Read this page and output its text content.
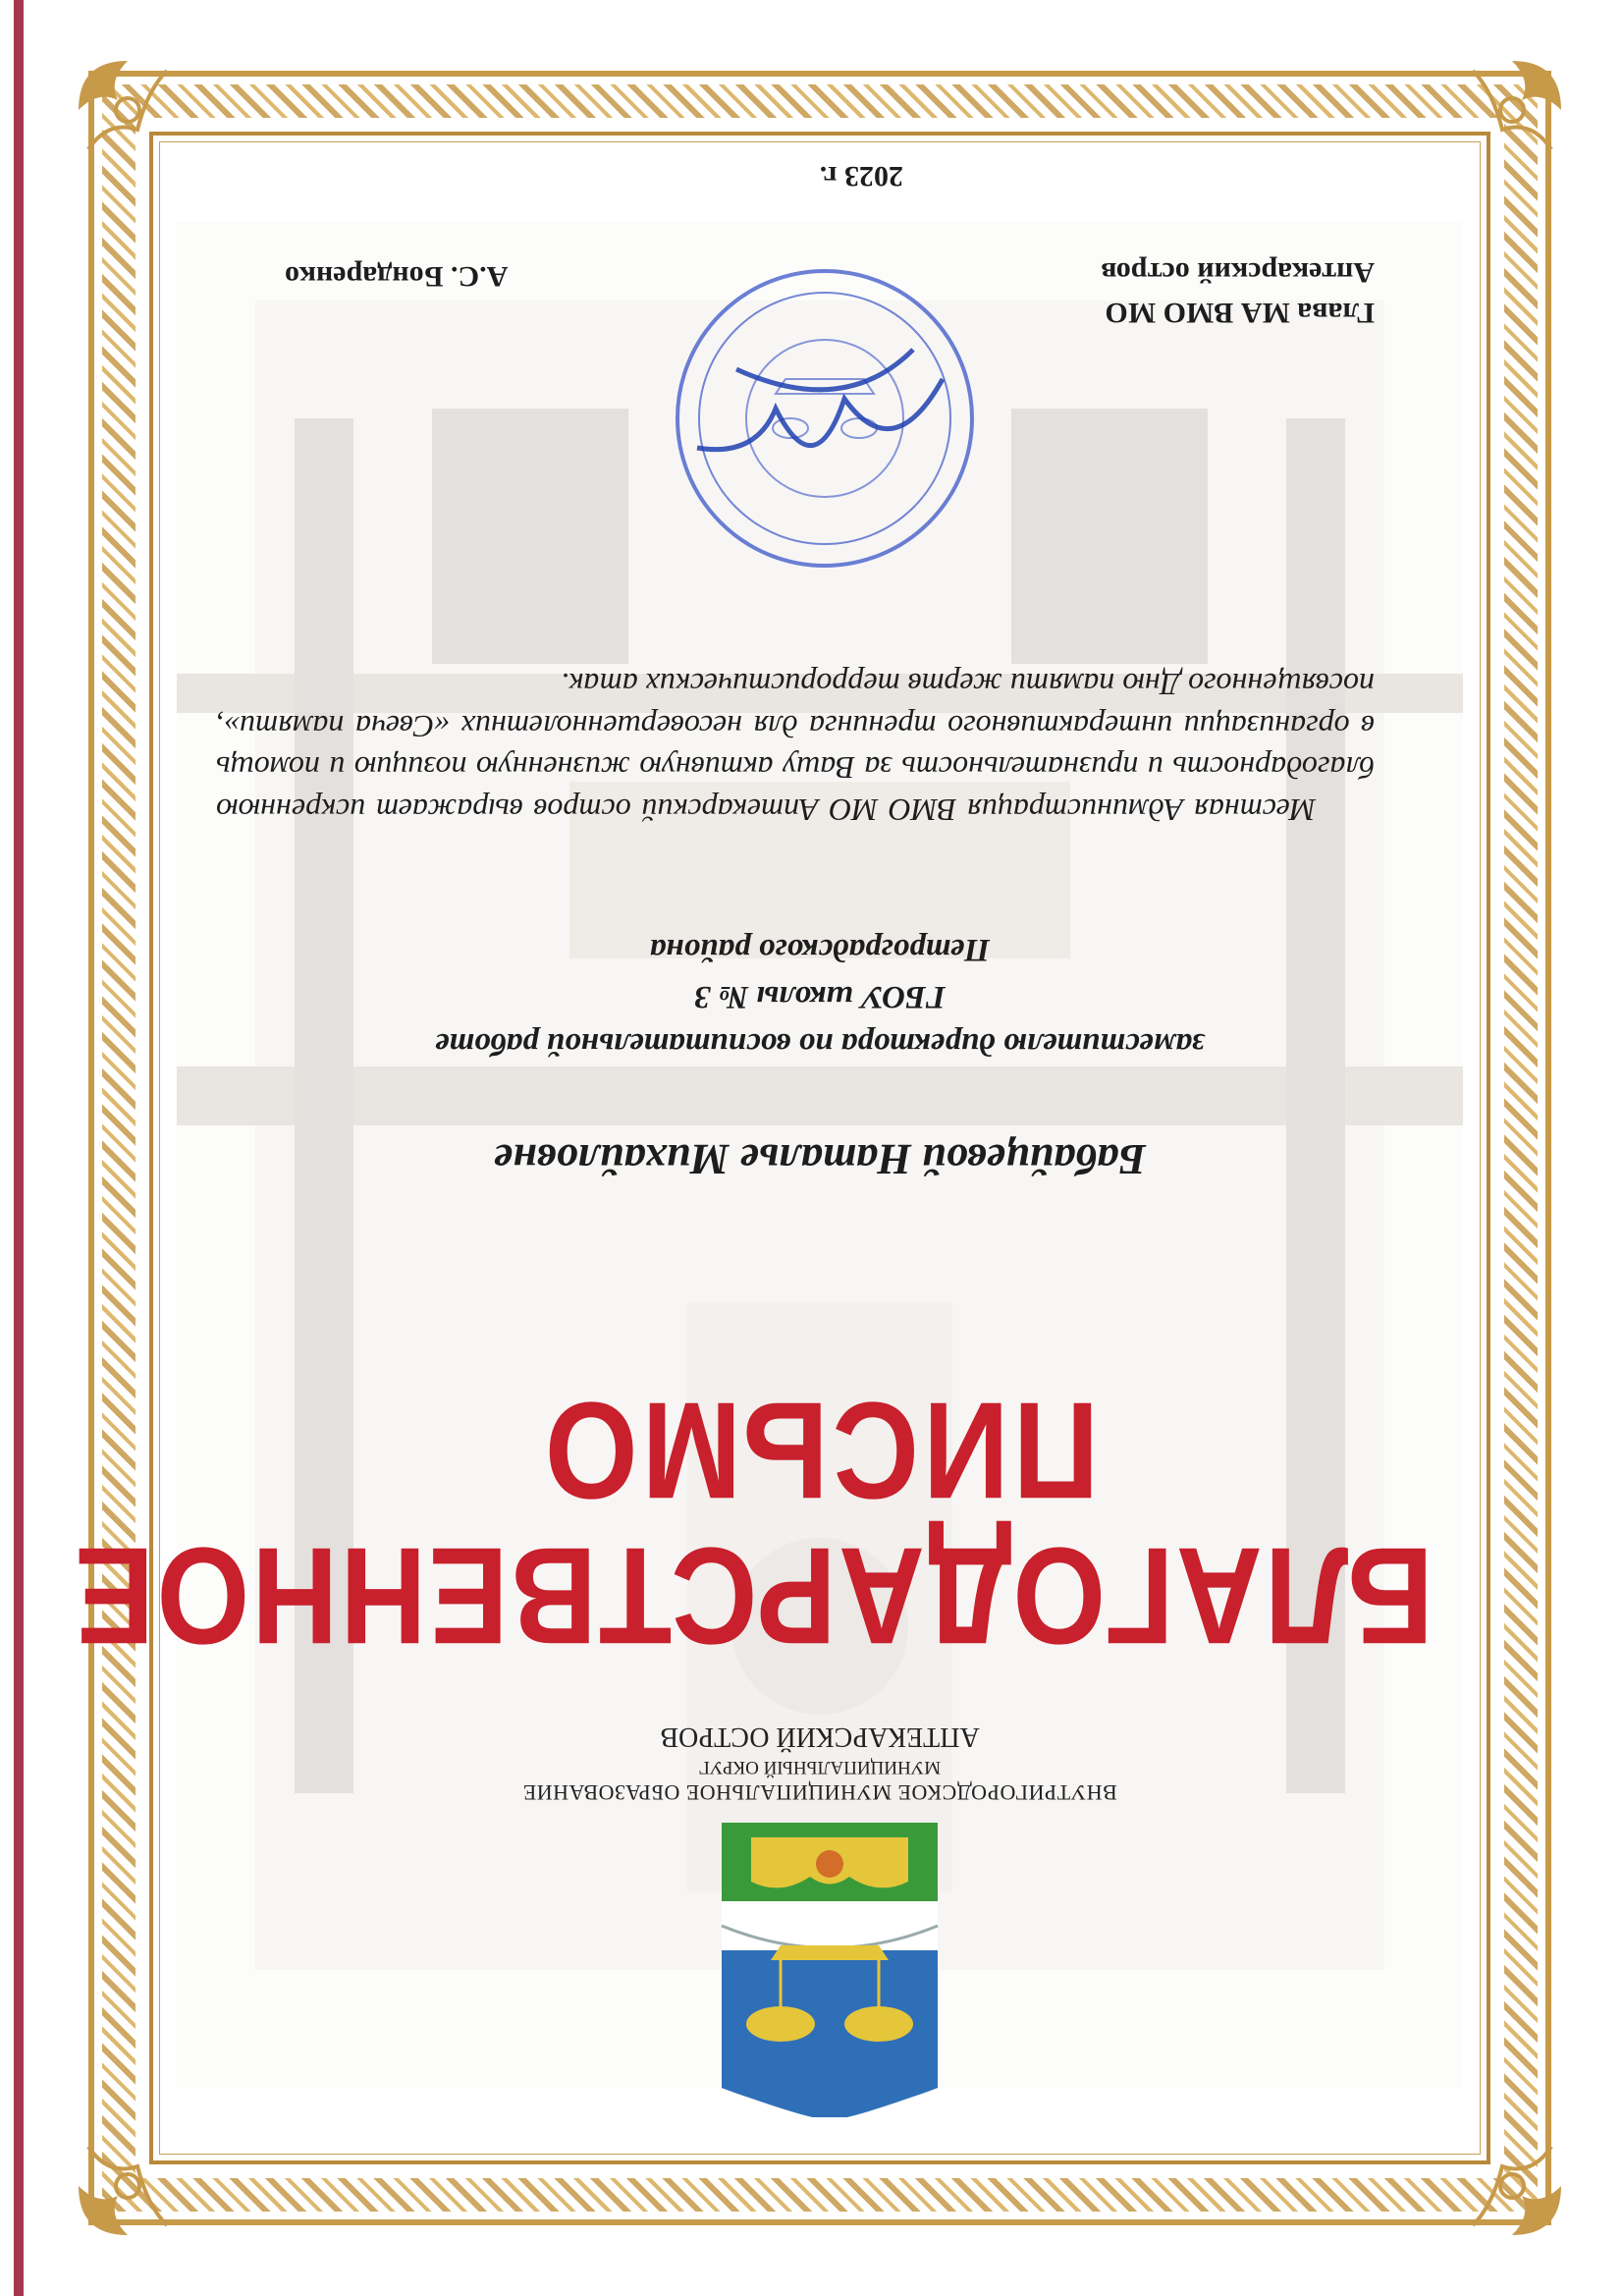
ВНУТРИГОРОДСКОЕ МУНИЦИПАЛЬНОЕ ОБРАЗОВАНИЕ
МУНИЦИПАЛЬНЫЙ ОКРУГ
АПТЕКАРСКИЙ ОСТРОВ
БЛАГОДАРСТВЕННОЕ
ПИСЬМО
Бабайцевой Наталье Михайловне
заместителю директора по воспитательной работе
ГБОУ школы № 3
Петроградского района
Местная Администрация ВМО МО Аптекарский остров выражает искреннюю благодарность и признательность за Вашу активную жизненную позицию и помощь в организации интерактивного тренинга для несовершеннолетних «Свеча памяти», посвященного Дню памяти жертв террористических атак.
Глава МА ВМО МО
Аптекарский остров
А.С. Бондаренко
2023 г.
